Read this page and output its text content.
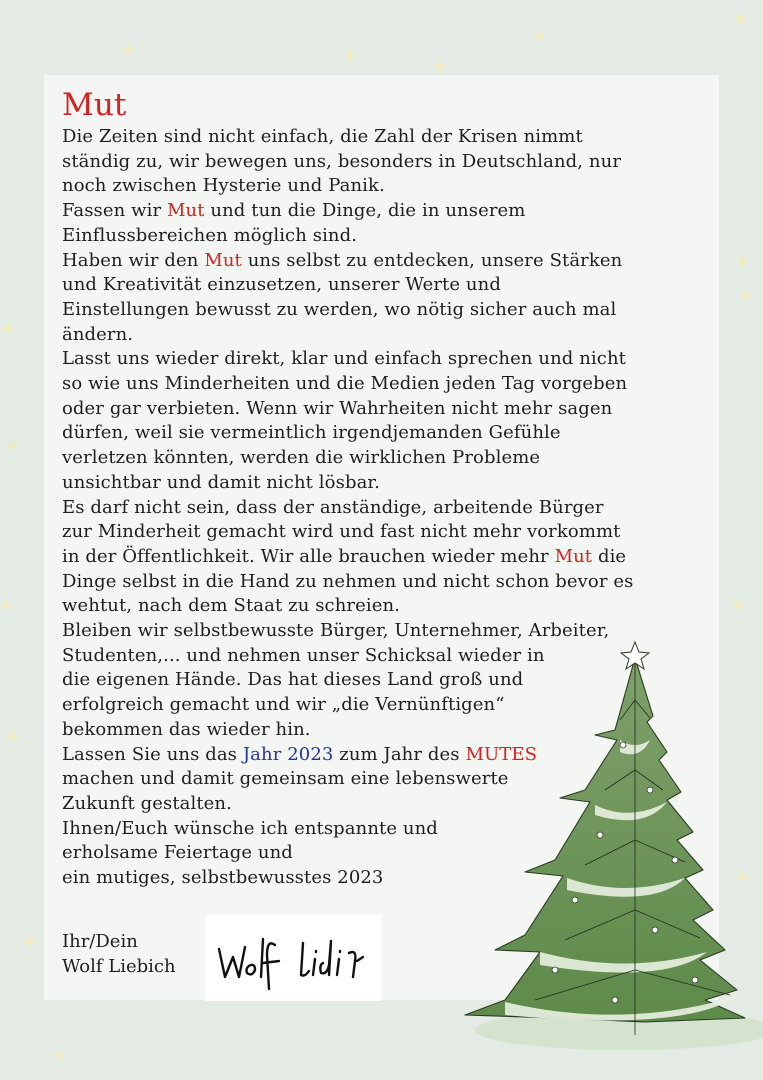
Mut
Die Zeiten sind nicht einfach, die Zahl der Krisen nimmt
ständig zu, wir bewegen uns, besonders in Deutschland, nur
noch zwischen Hysterie und Panik.
Fassen wir Mut und tun die Dinge, die in unserem
Einflussbereichen möglich sind.
Haben wir den Mut uns selbst zu entdecken, unsere Stärken
und Kreativität einzusetzen, unserer Werte und
Einstellungen bewusst zu werden, wo nötig sicher auch mal
ändern.
Lasst uns wieder direkt, klar und einfach sprechen und nicht
so wie uns Minderheiten und die Medien jeden Tag vorgeben
oder gar verbieten. Wenn wir Wahrheiten nicht mehr sagen
dürfen, weil sie vermeintlich irgendjemanden Gefühle
verletzen könnten, werden die wirklichen Probleme
unsichtbar und damit nicht lösbar.
Es darf nicht sein, dass der anständige, arbeitende Bürger
zur Minderheit gemacht wird und fast nicht mehr vorkommt
in der Öffentlichkeit. Wir alle brauchen wieder mehr Mut die
Dinge selbst in die Hand zu nehmen und nicht schon bevor es
wehtut, nach dem Staat zu schreien.
Bleiben wir selbstbewusste Bürger, Unternehmer, Arbeiter,
Studenten,... und nehmen unser Schicksal wieder in
die eigenen Hände. Das hat dieses Land groß und
erfolgreich gemacht und wir „die Vernünftigen“
bekommen das wieder hin.
Lassen Sie uns das Jahr 2023 zum Jahr des MUTES
machen und damit gemeinsam eine lebenswerte
Zukunft gestalten.
Ihnen/Euch wünsche ich entspannte und
erholsame Feiertage und
ein mutiges, selbstbewusstes 2023
Ihr/Dein
Wolf Liebich
